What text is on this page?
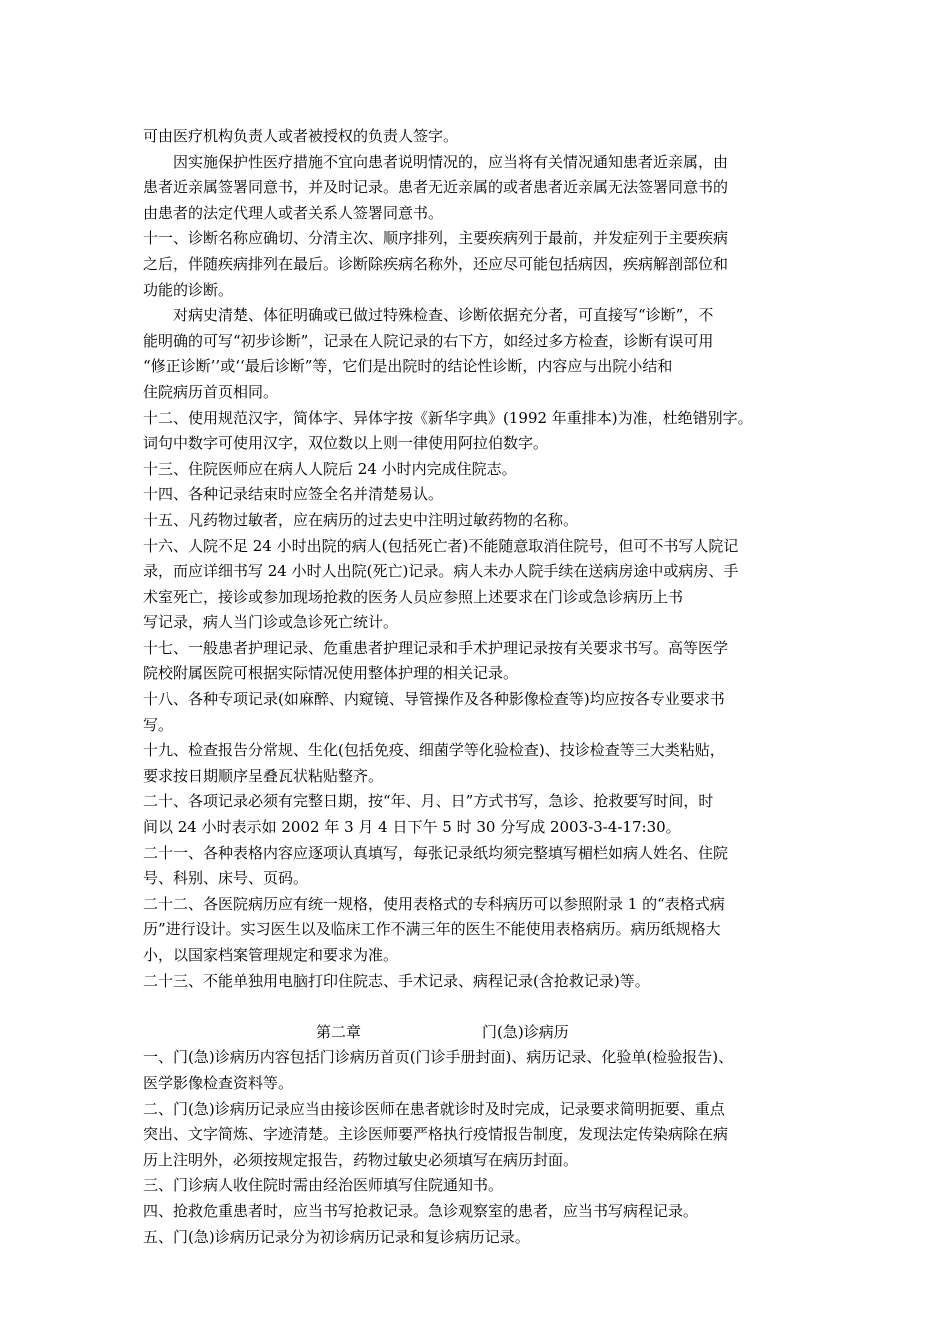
可由医疗机构负责人或者被授权的负责人签字。

因实施保护性医疗措施不宜向患者说明情况的，应当将有关情况通知患者近亲属，由
患者近亲属签署同意书，并及时记录。患者无近亲属的或者患者近亲属无法签署同意书的
由患者的法定代理人或者关系人签署同意书。

十一、诊断名称应确切、分清主次、顺序排列，主要疾病列于最前，并发症列于主要疾病
之后，伴随疾病排列在最后。诊断除疾病名称外，还应尽可能包括病因，疾病解剖部位和
功能的诊断。

对病史清楚、体征明确或已做过特殊检查、诊断依据充分者，可直接写“诊断”，不
能明确的可写“初步诊断”，记录在人院记录的右下方，如经过多方检查，诊断有误可用
“修正诊断’’或‘‘最后诊断”等，它们是出院时的结论性诊断，内容应与出院小结和
住院病历首页相同。

十二、使用规范汉字，简体字、异体字按《新华字典》(1992 年重排本)为准，杜绝错别字。
词句中数字可使用汉字，双位数以上则一律使用阿拉伯数字。

十三、住院医师应在病人人院后 24 小时内完成住院志。

十四、各种记录结束时应签全名并清楚易认。

十五、凡药物过敏者，应在病历的过去史中注明过敏药物的名称。

十六、人院不足 24 小时出院的病人(包括死亡者)不能随意取消住院号，但可不书写人院记
录，而应详细书写 24 小时人出院(死亡)记录。病人未办人院手续在送病房途中或病房、手
术室死亡，接诊或参加现场抢救的医务人员应参照上述要求在门诊或急诊病历上书
写记录，病人当门诊或急诊死亡统计。

十七、一般患者护理记录、危重患者护理记录和手术护理记录按有关要求书写。高等医学
院校附属医院可根据实际情况使用整体护理的相关记录。

十八、各种专项记录(如麻醉、内窥镜、导管操作及各种影像检查等)均应按各专业要求书
写。

十九、检查报告分常规、生化(包括免疫、细菌学等化验检查)、技诊检查等三大类粘贴，
要求按日期顺序呈叠瓦状粘贴整齐。

二十、各项记录必须有完整日期，按“年、月、日”方式书写，急诊、抢救要写时间，时
间以 24 小时表示如 2002 年 3 月 4 日下午 5 时 30 分写成 2003-3-4-17:30。

二十一、各种表格内容应逐项认真填写，每张记录纸均须完整填写楣栏如病人姓名、住院
号、科别、床号、页码。

二十二、各医院病历应有统一规格，使用表格式的专科病历可以参照附录 1 的“表格式病
历”进行设计。实习医生以及临床工作不满三年的医生不能使用表格病历。病历纸规格大
小，以国家档案管理规定和要求为准。

二十三、不能单独用电脑打印住院志、手术记录、病程记录(含抢救记录)等。

第二章	门(急)诊病历

一、门(急)诊病历内容包括门诊病历首页(门诊手册封面)、病历记录、化验单(检验报告)、
医学影像检查资料等。

二、门(急)诊病历记录应当由接诊医师在患者就诊时及时完成，记录要求简明扼要、重点
突出、文字简炼、字迹清楚。主诊医师要严格执行疫情报告制度，发现法定传染病除在病
历上注明外，必须按规定报告，药物过敏史必须填写在病历封面。

三、门诊病人收住院时需由经治医师填写住院通知书。

四、抢救危重患者时，应当书写抢救记录。急诊观察室的患者，应当书写病程记录。

五、门(急)诊病历记录分为初诊病历记录和复诊病历记录。
